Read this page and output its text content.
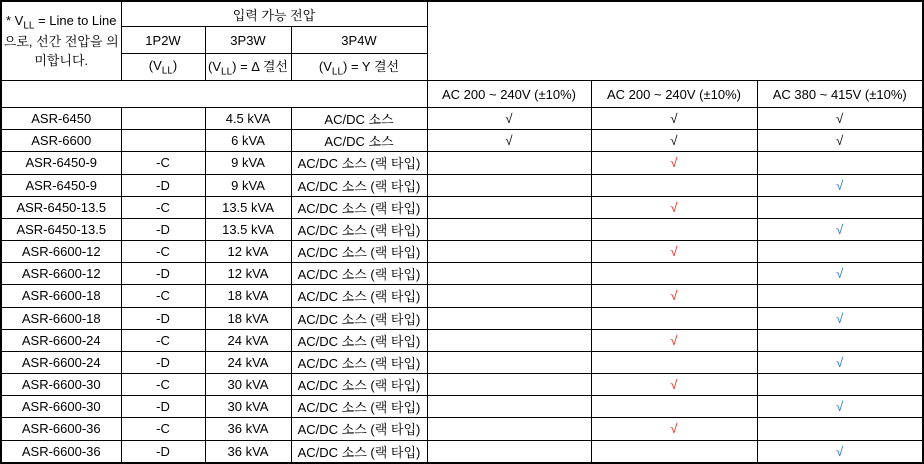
* $V_{LL}$ = Line to Line으로, 선간 전압을 의미합니다.	입력 가능 전압					
	1P2W	3P3W	3P4W			
	$(V_{LL})$	$(V_{LL}) = \Delta$ 결선	$(V_{LL}) = Y$ 결선			
				AC 200 ~ 240V (±10%)	AC 200 ~ 240V (±10%)	AC 380 ~ 415V (±10%)
ASR-6450		4.5 kVA	AC/DC 소스	√	√	√
ASR-6600		6 kVA	AC/DC 소스	√	√	√
ASR-6450-9	-C	9 kVA	AC/DC 소스 (랙 타입)		√	
ASR-6450-9	-D	9 kVA	AC/DC 소스 (랙 타입)			√
ASR-6450-13.5	-C	13.5 kVA	AC/DC 소스 (랙 타입)		√	
ASR-6450-13.5	-D	13.5 kVA	AC/DC 소스 (랙 타입)			√
ASR-6600-12	-C	12 kVA	AC/DC 소스 (랙 타입)		√	
ASR-6600-12	-D	12 kVA	AC/DC 소스 (랙 타입)			√
ASR-6600-18	-C	18 kVA	AC/DC 소스 (랙 타입)		√	
ASR-6600-18	-D	18 kVA	AC/DC 소스 (랙 타입)			√
ASR-6600-24	-C	24 kVA	AC/DC 소스 (랙 타입)		√	
ASR-6600-24	-D	24 kVA	AC/DC 소스 (랙 타입)			√
ASR-6600-30	-C	30 kVA	AC/DC 소스 (랙 타입)		√	
ASR-6600-30	-D	30 kVA	AC/DC 소스 (랙 타입)			√
ASR-6600-36	-C	36 kVA	AC/DC 소스 (랙 타입)		√	
ASR-6600-36	-D	36 kVA	AC/DC 소스 (랙 타입)			√
